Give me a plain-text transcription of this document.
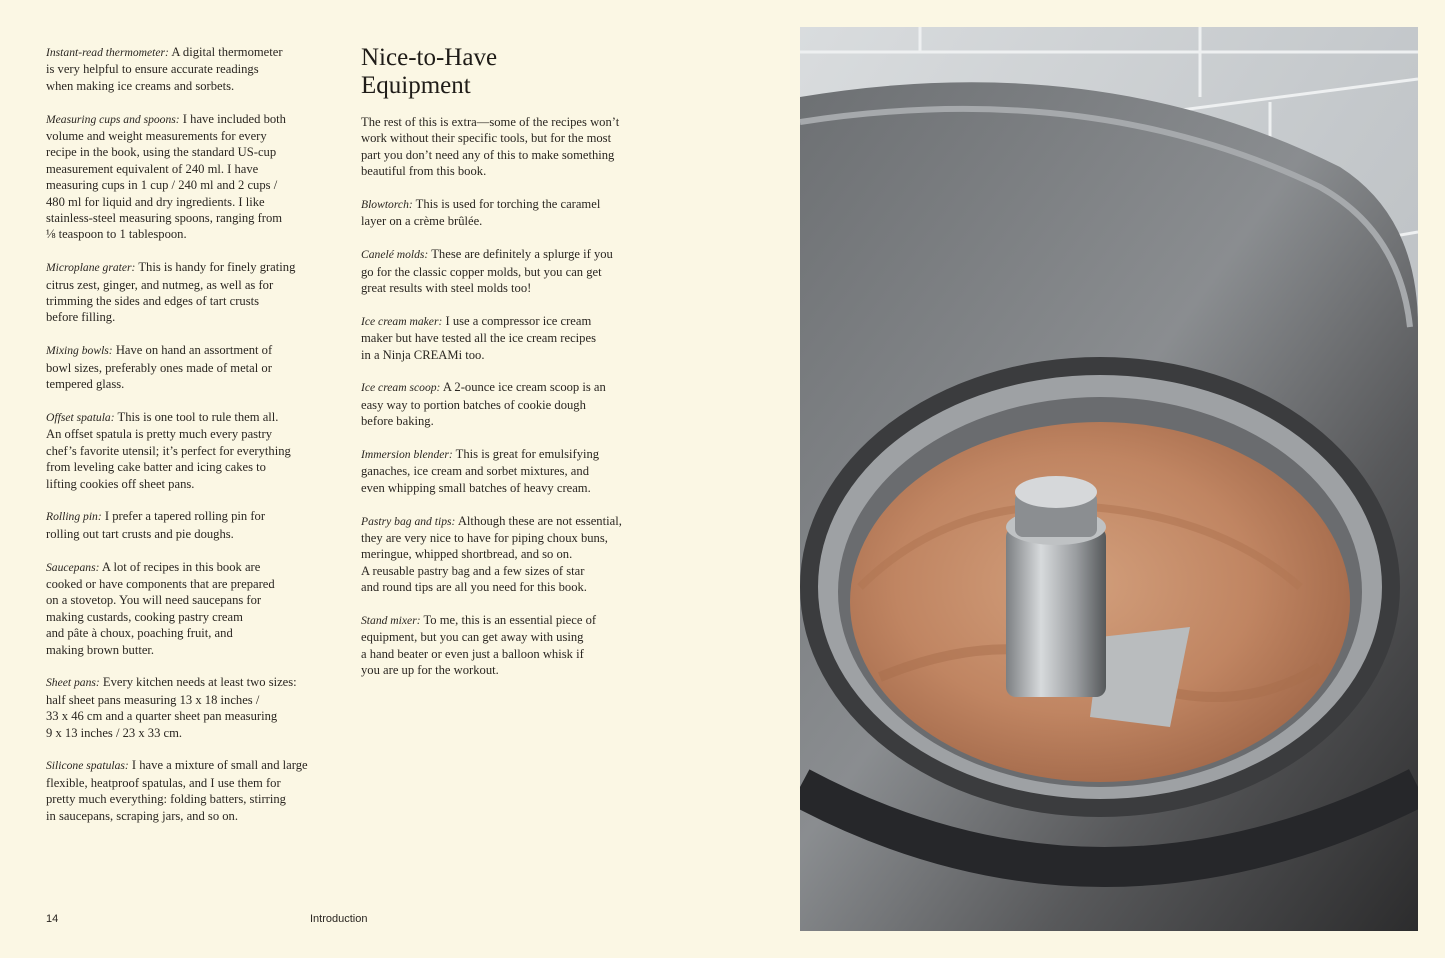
Instant-read thermometer: A digital thermometer
is very helpful to ensure accurate readings
when making ice creams and sorbets.

Measuring cups and spoons: I have included both
volume and weight measurements for every
recipe in the book, using the standard US-cup
measurement equivalent of 240 ml. I have
measuring cups in 1 cup / 240 ml and 2 cups /
480 ml for liquid and dry ingredients. I like
stainless-steel measuring spoons, ranging from
⅛ teaspoon to 1 tablespoon.

Microplane grater: This is handy for finely grating
citrus zest, ginger, and nutmeg, as well as for
trimming the sides and edges of tart crusts
before filling.

Mixing bowls: Have on hand an assortment of
bowl sizes, preferably ones made of metal or
tempered glass.

Offset spatula: This is one tool to rule them all.
An offset spatula is pretty much every pastry
chef’s favorite utensil; it’s perfect for everything
from leveling cake batter and icing cakes to
lifting cookies off sheet pans.

Rolling pin: I prefer a tapered rolling pin for
rolling out tart crusts and pie doughs.

Saucepans: A lot of recipes in this book are
cooked or have components that are prepared
on a stovetop. You will need saucepans for
making custards, cooking pastry cream
and pâte à choux, poaching fruit, and
making brown butter.

Sheet pans: Every kitchen needs at least two sizes:
half sheet pans measuring 13 x 18 inches /
33 x 46 cm and a quarter sheet pan measuring
9 x 13 inches / 23 x 33 cm.

Silicone spatulas: I have a mixture of small and large
flexible, heatproof spatulas, and I use them for
pretty much everything: folding batters, stirring
in saucepans, scraping jars, and so on.

Nice-to-Have
Equipment

The rest of this is extra—some of the recipes won’t
work without their specific tools, but for the most
part you don’t need any of this to make something
beautiful from this book.

Blowtorch: This is used for torching the caramel
layer on a crème brûlée.

Canelé molds: These are definitely a splurge if you
go for the classic copper molds, but you can get
great results with steel molds too!

Ice cream maker: I use a compressor ice cream
maker but have tested all the ice cream recipes
in a Ninja CREAMi too.

Ice cream scoop: A 2-ounce ice cream scoop is an
easy way to portion batches of cookie dough
before baking.

Immersion blender: This is great for emulsifying
ganaches, ice cream and sorbet mixtures, and
even whipping small batches of heavy cream.

Pastry bag and tips: Although these are not essential,
they are very nice to have for piping choux buns,
meringue, whipped shortbread, and so on.
A reusable pastry bag and a few sizes of star
and round tips are all you need for this book.

Stand mixer: To me, this is an essential piece of
equipment, but you can get away with using
a hand beater or even just a balloon whisk if
you are up for the workout.

14	Introduction
